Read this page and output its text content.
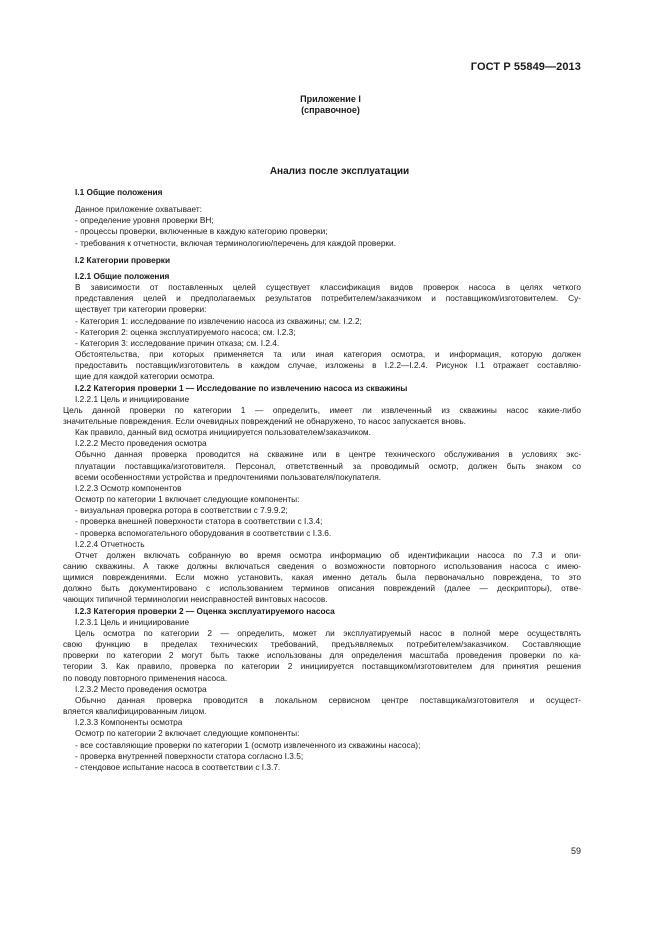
ГОСТ Р 55849—2013
Приложение I
(справочное)
Анализ после эксплуатации
I.1 Общие положения
Данное приложение охватывает:
- определение уровня проверки ВН;
- процессы проверки, включенные в каждую категорию проверки;
- требования к отчетности, включая терминологию/перечень для каждой проверки.
I.2 Категории проверки
I.2.1 Общие положения
В зависимости от поставленных целей существует классификация видов проверок насоса в целях четкого
представления целей и предполагаемых результатов потребителем/заказчиком и поставщиком/изготовителем. Су-
ществует три категории проверки:
- Категория 1: исследование по извлечению насоса из скважины; см. I.2.2;
- Категория 2: оценка эксплуатируемого насоса; см. I.2.3;
- Категория 3: исследование причин отказа; см. I.2.4.
Обстоятельства, при которых применяется та или иная категория осмотра, и информация, которую должен
предоставить поставщик/изготовитель в каждом случае, изложены в I.2.2—I.2.4. Рисунок I.1 отражает составляю-
щие для каждой категории осмотра.
I.2.2 Категория проверки 1 — Исследование по извлечению насоса из скважины
I.2.2.1 Цель и инициирование
Цель данной проверки по категории 1 — определить, имеет ли извлеченный из скважины насос какие-либо
значительные повреждения. Если очевидных повреждений не обнаружено, то насос запускается вновь.
Как правило, данный вид осмотра инициируется пользователем/заказчиком.
I.2.2.2 Место проведения осмотра
Обычно данная проверка проводится на скважине или в центре технического обслуживания в условиях экс-
плуатации поставщика/изготовителя. Персонал, ответственный за проводимый осмотр, должен быть знаком со
всеми особенностями устройства и предпочтениями пользователя/покупателя.
I.2.2.3 Осмотр компонентов
Осмотр по категории 1 включает следующие компоненты:
- визуальная проверка ротора в соответствии с 7.9.9.2;
- проверка внешней поверхности статора в соответствии с I.3.4;
- проверка вспомогательного оборудования в соответствии с I.3.6.
I.2.2.4 Отчетность
Отчет должен включать собранную во время осмотра информацию об идентификации насоса по 7.3 и опи-
санию скважины. А также должны включаться сведения о возможности повторного использования насоса с имею-
щимися повреждениями. Если можно установить, какая именно деталь была первоначально повреждена, то это
должно быть документировано с использованием терминов описания повреждений (далее — дескрипторы), отве-
чающих типичной терминологии неисправностей винтовых насосов.
I.2.3 Категория проверки 2 — Оценка эксплуатируемого насоса
I.2.3.1 Цель и инициирование
Цель осмотра по категории 2 — определить, может ли эксплуатируемый насос в полной мере осуществлять
свою функцию в пределах технических требований, предъявляемых потребителем/заказчиком. Составляющие
проверки по категории 2 могут быть также использованы для определения масштаба проведения проверки по ка-
тегории 3. Как правило, проверка по категории 2 инициируется поставщиком/изготовителем для принятия решения
по поводу повторного применения насоса.
I.2.3.2 Место проведения осмотра
Обычно данная проверка проводится в локальном сервисном центре поставщика/изготовителя и осущест-
вляется квалифицированным лицом.
I.2.3.3 Компоненты осмотра
Осмотр по категории 2 включает следующие компоненты:
- все составляющие проверки по категории 1 (осмотр извлеченного из скважины насоса);
- проверка внутренней поверхности статора согласно I.3.5;
- стендовое испытание насоса в соответствии с I.3.7.
59
